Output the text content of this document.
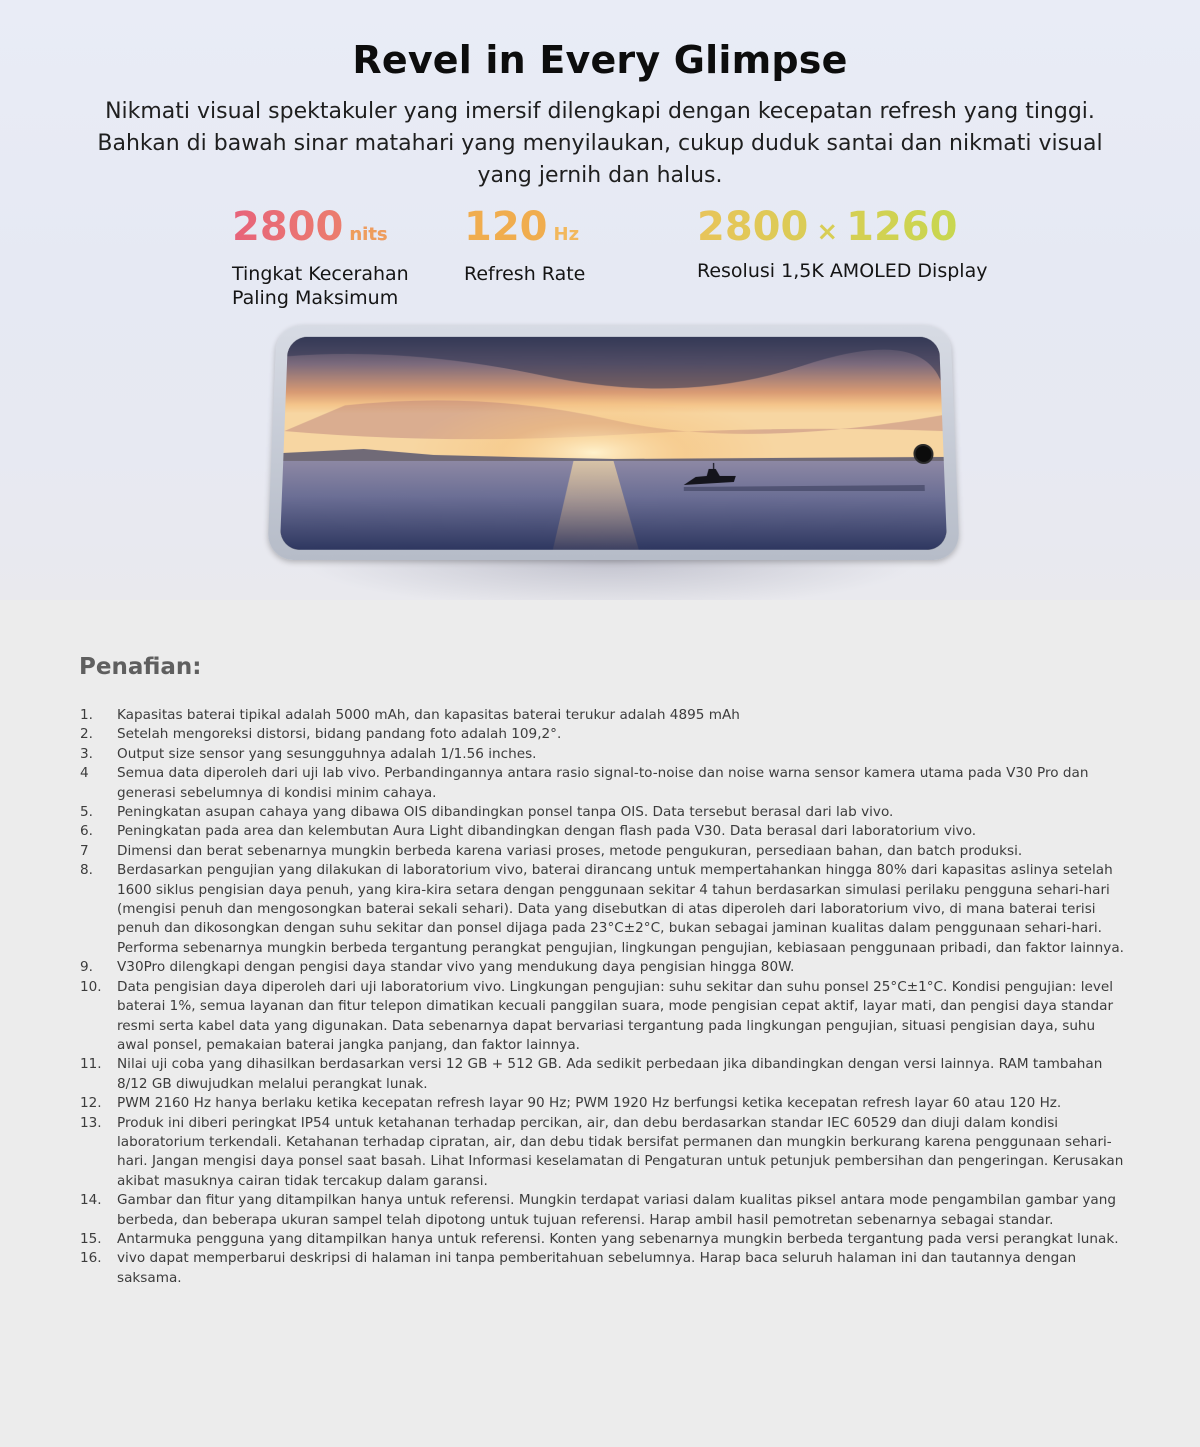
Revel in Every Glimpse

Nikmati visual spektakuler yang imersif dilengkapi dengan kecepatan refresh yang tinggi. Bahkan di bawah sinar matahari yang menyilaukan, cukup duduk santai dan nikmati visual yang jernih dan halus.

2800 nits
Tingkat Kecerahan
Paling Maksimum
120 Hz
Refresh Rate
2800 × 1260
Resolusi 1,5K AMOLED Display
Penafian:
1.	Kapasitas baterai tipikal adalah 5000 mAh, dan kapasitas baterai terukur adalah 4895 mAh
2.	Setelah mengoreksi distorsi, bidang pandang foto adalah 109,2°.
3.	Output size sensor yang sesungguhnya adalah 1/1.56 inches.
4	Semua data diperoleh dari uji lab vivo. Perbandingannya antara rasio signal-to-noise dan noise warna sensor kamera utama pada V30 Pro dan generasi sebelumnya di kondisi minim cahaya.
5.	Peningkatan asupan cahaya yang dibawa OIS dibandingkan ponsel tanpa OIS. Data tersebut berasal dari lab vivo.
6.	Peningkatan pada area dan kelembutan Aura Light dibandingkan dengan flash pada V30. Data berasal dari laboratorium vivo.
7	Dimensi dan berat sebenarnya mungkin berbeda karena variasi proses, metode pengukuran, persediaan bahan, dan batch produksi.
8.	Berdasarkan pengujian yang dilakukan di laboratorium vivo, baterai dirancang untuk mempertahankan hingga 80% dari kapasitas aslinya setelah 1600 siklus pengisian daya penuh, yang kira-kira setara dengan penggunaan sekitar 4 tahun berdasarkan simulasi perilaku pengguna sehari-hari (mengisi penuh dan mengosongkan baterai sekali sehari). Data yang disebutkan di atas diperoleh dari laboratorium vivo, di mana baterai terisi penuh dan dikosongkan dengan suhu sekitar dan ponsel dijaga pada 23°C±2°C, bukan sebagai jaminan kualitas dalam penggunaan sehari-hari. Performa sebenarnya mungkin berbeda tergantung perangkat pengujian, lingkungan pengujian, kebiasaan penggunaan pribadi, dan faktor lainnya.
9.	V30Pro dilengkapi dengan pengisi daya standar vivo yang mendukung daya pengisian hingga 80W.
10.	Data pengisian daya diperoleh dari uji laboratorium vivo. Lingkungan pengujian: suhu sekitar dan suhu ponsel 25°C±1°C. Kondisi pengujian: level baterai 1%, semua layanan dan fitur telepon dimatikan kecuali panggilan suara, mode pengisian cepat aktif, layar mati, dan pengisi daya standar resmi serta kabel data yang digunakan. Data sebenarnya dapat bervariasi tergantung pada lingkungan pengujian, situasi pengisian daya, suhu awal ponsel, pemakaian baterai jangka panjang, dan faktor lainnya.
11.	Nilai uji coba yang dihasilkan berdasarkan versi 12 GB + 512 GB. Ada sedikit perbedaan jika dibandingkan dengan versi lainnya. RAM tambahan 8/12 GB diwujudkan melalui perangkat lunak.
12.	PWM 2160 Hz hanya berlaku ketika kecepatan refresh layar 90 Hz; PWM 1920 Hz berfungsi ketika kecepatan refresh layar 60 atau 120 Hz.
13.	Produk ini diberi peringkat IP54 untuk ketahanan terhadap percikan, air, dan debu berdasarkan standar IEC 60529 dan diuji dalam kondisi laboratorium terkendali. Ketahanan terhadap cipratan, air, dan debu tidak bersifat permanen dan mungkin berkurang karena penggunaan sehari-hari. Jangan mengisi daya ponsel saat basah. Lihat Informasi keselamatan di Pengaturan untuk petunjuk pembersihan dan pengeringan. Kerusakan akibat masuknya cairan tidak tercakup dalam garansi.
14.	Gambar dan fitur yang ditampilkan hanya untuk referensi. Mungkin terdapat variasi dalam kualitas piksel antara mode pengambilan gambar yang berbeda, dan beberapa ukuran sampel telah dipotong untuk tujuan referensi. Harap ambil hasil pemotretan sebenarnya sebagai standar.
15.	Antarmuka pengguna yang ditampilkan hanya untuk referensi. Konten yang sebenarnya mungkin berbeda tergantung pada versi perangkat lunak.
16.	vivo dapat memperbarui deskripsi di halaman ini tanpa pemberitahuan sebelumnya. Harap baca seluruh halaman ini dan tautannya dengan saksama.
